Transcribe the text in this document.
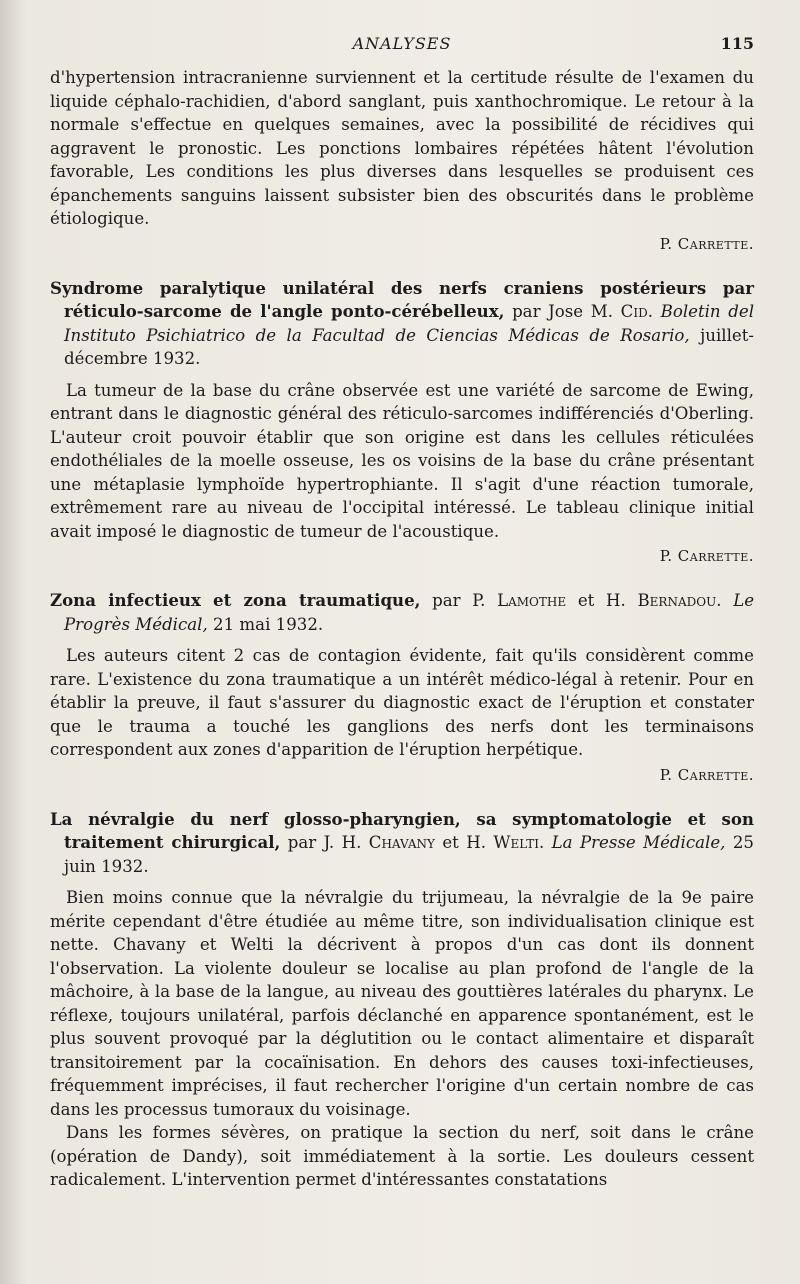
ANALYSES	115

d'hypertension intracranienne surviennent et la certitude résulte de l'examen du liquide céphalo-rachidien, d'abord sanglant, puis xanthochromique. Le retour à la normale s'effectue en quelques semaines, avec la possibilité de récidives qui aggravent le pronostic. Les ponctions lombaires répétées hâtent l'évolution favorable, Les conditions les plus diverses dans lesquelles se produisent ces épanchements sanguins laissent subsister bien des obscurités dans le problème étiologique.

P. Carrette.
Syndrome paralytique unilatéral des nerfs craniens postérieurs par réticulo-sarcome de l'angle ponto-cérébelleux, par Jose M. Cid. Boletin del Instituto Psichiatrico de la Facultad de Ciencias Médicas de Rosario, juillet-décembre 1932.

La tumeur de la base du crâne observée est une variété de sarcome de Ewing, entrant dans le diagnostic général des réticulo-sarcomes indifférenciés d'Oberling. L'auteur croit pouvoir établir que son origine est dans les cellules réticulées endothéliales de la moelle osseuse, les os voisins de la base du crâne présentant une métaplasie lymphoïde hypertrophiante. Il s'agit d'une réaction tumorale, extrêmement rare au niveau de l'occipital intéressé. Le tableau clinique initial avait imposé le diagnostic de tumeur de l'acoustique.

P. Carrette.
Zona infectieux et zona traumatique, par P. Lamothe et H. Bernadou. Le Progrès Médical, 21 mai 1932.

Les auteurs citent 2 cas de contagion évidente, fait qu'ils considèrent comme rare. L'existence du zona traumatique a un intérêt médico-légal à retenir. Pour en établir la preuve, il faut s'assurer du diagnostic exact de l'éruption et constater que le trauma a touché les ganglions des nerfs dont les terminaisons correspondent aux zones d'apparition de l'éruption herpétique.

P. Carrette.
La névralgie du nerf glosso-pharyngien, sa symptomatologie et son traitement chirurgical, par J. H. Chavany et H. Welti. La Presse Médicale, 25 juin 1932.

Bien moins connue que la névralgie du trijumeau, la névralgie de la 9e paire mérite cependant d'être étudiée au même titre, son individualisation clinique est nette. Chavany et Welti la décrivent à propos d'un cas dont ils donnent l'observation. La violente douleur se localise au plan profond de l'angle de la mâchoire, à la base de la langue, au niveau des gouttières latérales du pharynx. Le réflexe, toujours unilatéral, parfois déclanché en apparence spontanément, est le plus souvent provoqué par la déglutition ou le contact alimentaire et disparaît transitoirement par la cocaïnisation. En dehors des causes toxi-infectieuses, fréquemment imprécises, il faut rechercher l'origine d'un certain nombre de cas dans les processus tumoraux du voisinage.

Dans les formes sévères, on pratique la section du nerf, soit dans le crâne (opération de Dandy), soit immédiatement à la sortie. Les douleurs cessent radicalement. L'intervention permet d'intéressantes constatations
